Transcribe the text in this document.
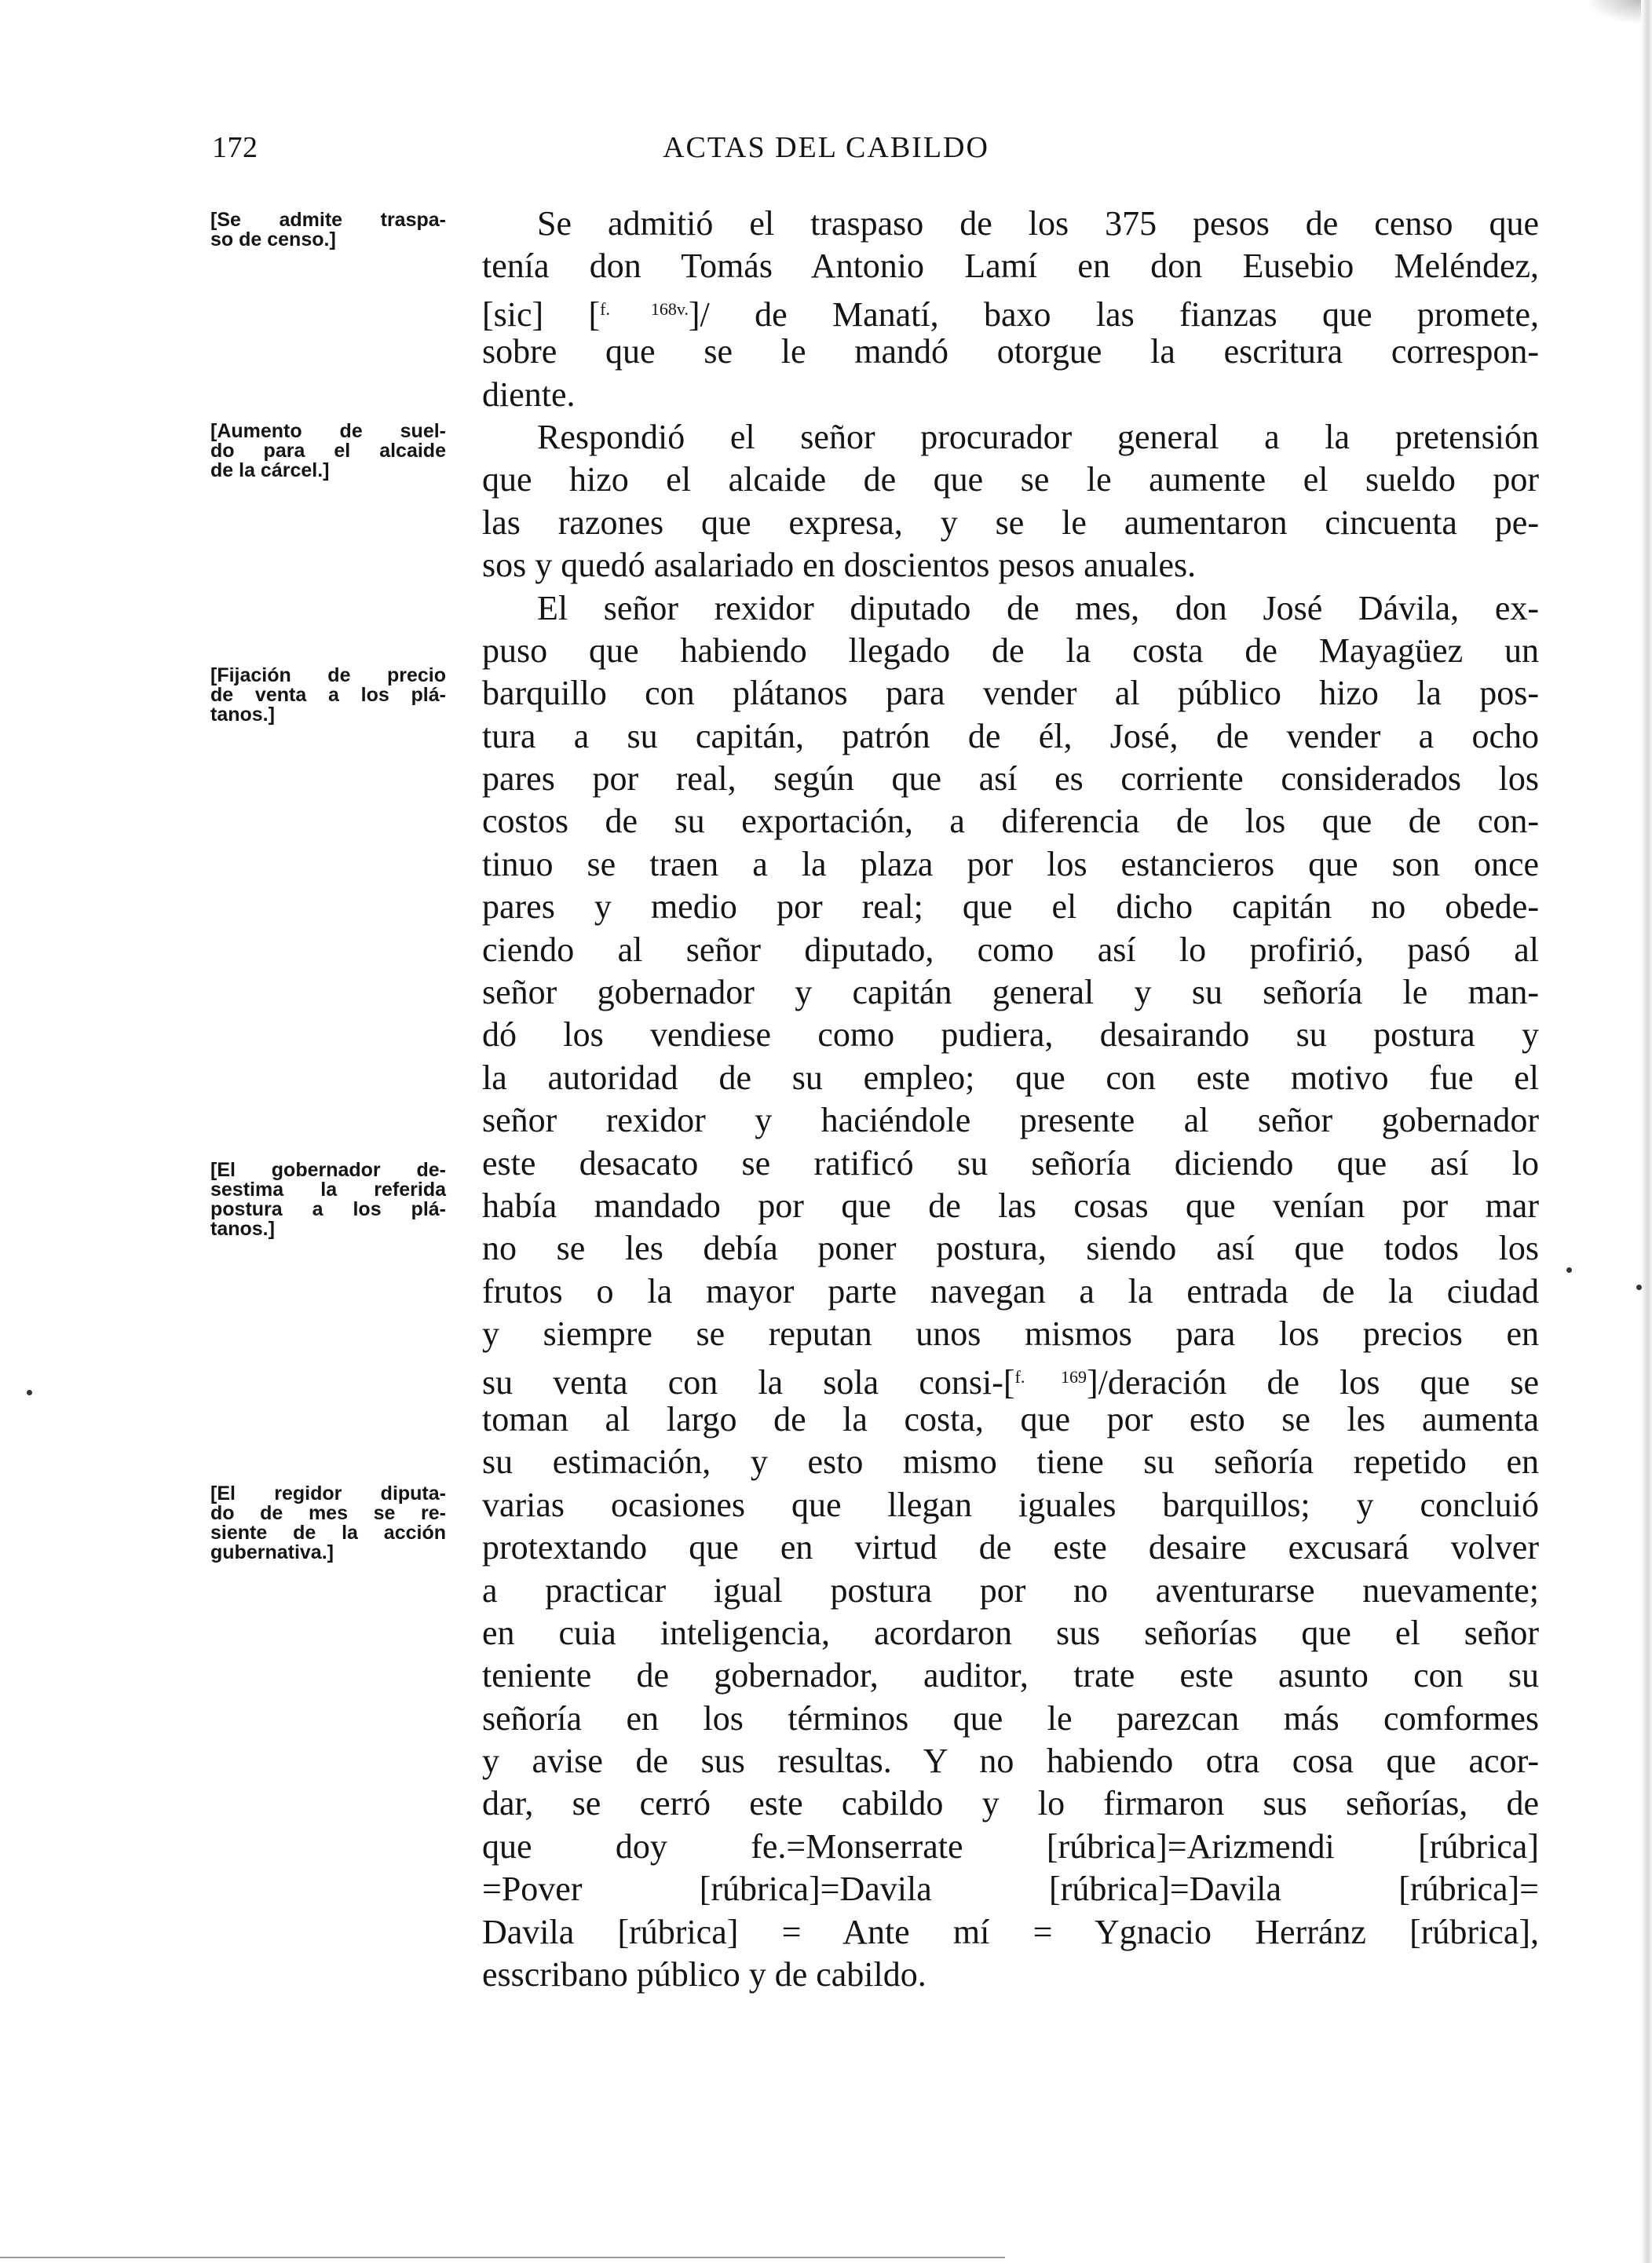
172	ACTAS DEL CABILDO
[Se admite traspa-
so de censo.]
[Aumento de suel-
do para el alcaide
de la cárcel.]
[Fijación de precio
de venta a los plá-
tanos.]
[El gobernador de-
sestima la referida
postura a los plá-
tanos.]
[El regidor diputa-
do de mes se re-
siente de la acción
gubernativa.]
Se admitió el traspaso de los 375 pesos de censo que
tenía don Tomás Antonio Lamí en don Eusebio Meléndez,
[sic] [$^{f. 168v.}$]/ de Manatí, baxo las fianzas que promete,
sobre que se le mandó otorgue la escritura correspon-
diente.
Respondió el señor procurador general a la pretensión
que hizo el alcaide de que se le aumente el sueldo por
las razones que expresa, y se le aumentaron cincuenta pe-
sos y quedó asalariado en doscientos pesos anuales.
El señor rexidor diputado de mes, don José Dávila, ex-
puso que habiendo llegado de la costa de Mayagüez un
barquillo con plátanos para vender al público hizo la pos-
tura a su capitán, patrón de él, José, de vender a ocho
pares por real, según que así es corriente considerados los
costos de su exportación, a diferencia de los que de con-
tinuo se traen a la plaza por los estancieros que son once
pares y medio por real; que el dicho capitán no obede-
ciendo al señor diputado, como así lo profirió, pasó al
señor gobernador y capitán general y su señoría le man-
dó los vendiese como pudiera, desairando su postura y
la autoridad de su empleo; que con este motivo fue el
señor rexidor y haciéndole presente al señor gobernador
este desacato se ratificó su señoría diciendo que así lo
había mandado por que de las cosas que venían por mar
no se les debía poner postura, siendo así que todos los
frutos o la mayor parte navegan a la entrada de la ciudad
y siempre se reputan unos mismos para los precios en
su venta con la sola consi-[$^{f. 169}$]/deración de los que se
toman al largo de la costa, que por esto se les aumenta
su estimación, y esto mismo tiene su señoría repetido en
varias ocasiones que llegan iguales barquillos; y concluió
protextando que en virtud de este desaire excusará volver
a practicar igual postura por no aventurarse nuevamente;
en cuia inteligencia, acordaron sus señorías que el señor
teniente de gobernador, auditor, trate este asunto con su
señoría en los términos que le parezcan más comformes
y avise de sus resultas. Y no habiendo otra cosa que acor-
dar, se cerró este cabildo y lo firmaron sus señorías, de
que doy fe.=Monserrate [rúbrica]=Arizmendi [rúbrica]
=Pover [rúbrica]=Davila [rúbrica]=Davila [rúbrica]=
Davila [rúbrica] = Ante mí = Ygnacio Herránz [rúbrica],
esscribano público y de cabildo.
